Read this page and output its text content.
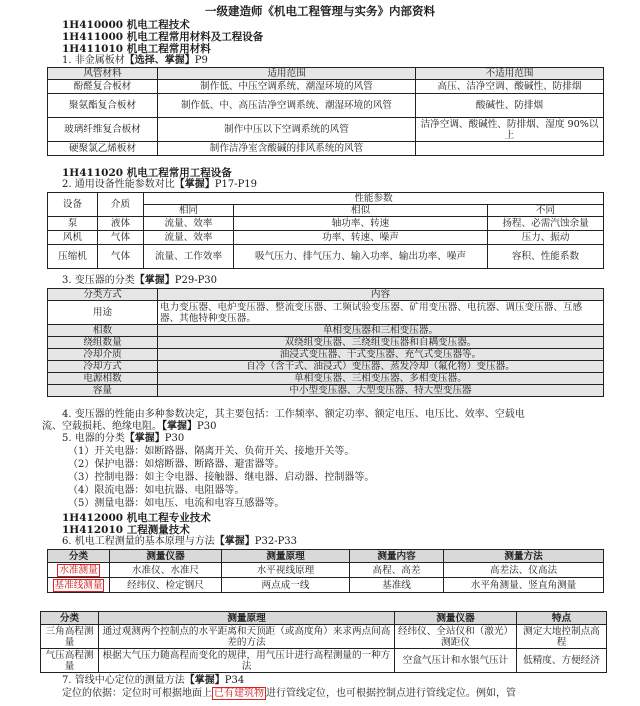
一级建造师《机电工程管理与实务》内部资料
1H410000 机电工程技术
1H411000 机电工程常用材料及工程设备
1H411010 机电工程常用材料
1. 非金属板材【选择、掌握】P9
风管材料	适用范围	不适用范围
酚醛复合板材	制作低、中压空调系统、潮湿环境的风管	高压、洁净空调、酸碱性、防排烟
聚氨酯复合板材	制作低、中、高压洁净空调系统、潮湿环境的风管	酸碱性、防排烟
玻璃纤维复合板材	制作中压以下空调系统的风管	洁净空调、酸碱性、防排烟、湿度 90%以上
硬聚氯乙烯板材	制作洁净室含酸碱的排风系统的风管	
1H411020 机电工程常用工程设备
2. 通用设备性能参数对比【掌握】P17-P19
设备	介质	性能参数		
		相同	相似	不同
泵	液体	流量、效率	轴功率、转速	扬程、必需汽蚀余量
风机	气体	流量、效率	功率、转速、噪声	压力、振动
压缩机	气体	流量、工作效率	吸气压力、排气压力、输入功率、输出功率、噪声	容积、性能系数
3. 变压器的分类【掌握】P29-P30
分类方式	内容
用途	电力变压器、电炉变压器、整流变压器、工频试验变压器、矿用变压器、电抗器、调压变压器、互感器、其他特种变压器。
相数	单相变压器和三相变压器。
绕组数量	双绕组变压器、三绕组变压器和自耦变压器。
冷却介质	油浸式变压器、干式变压器、充气式变压器等。
冷却方式	自冷（含干式、油浸式）变压器、蒸发冷却（氟化物）变压器。
电源相数	单相变压器、三相变压器、多相变压器。
容量	中小型变压器、大型变压器、特大型变压器
4. 变压器的性能由多种参数决定，其主要包括：工作频率、额定功率、额定电压、电压比、效率、空载电
流、空载损耗、绝缘电阻。【掌握】P30
5. 电器的分类【掌握】P30
（1）开关电器：如断路器、隔离开关、负荷开关、接地开关等。
（2）保护电器：如熔断器、断路器、避雷器等。
（3）控制电器：如主令电器、接触器、继电器、启动器、控制器等。
（4）限流电器：如电抗器、电阻器等。
（5）测量电器：如电压、电流和电容互感器等。
1H412000 机电工程专业技术
1H412010 工程测量技术
6. 机电工程测量的基本原理与方法【掌握】P32-P33
分类	测量仪器	测量原理	测量内容	测量方法
水准测量	水准仪、水准尺	水平视线原理	高程、高差	高差法、仪高法
基准线测量	经纬仪、检定钢尺	两点成一线	基准线	水平角测量、竖直角测量
分类	测量原理	测量仪器	特点
三角高程测量	通过观测两个控制点的水平距离和天顶距（或高度角）来求两点间高差的方法	经纬仪、全站仪和（激光）测距仪	测定大地控制点高程
气压高程测量	根据大气压力随高程而变化的规律，用气压计进行高程测量的一种方法	空盒气压计和水银气压计	低精度、方便经济
7. 管线中心定位的测量方法【掌握】P34
定位的依据：定位时可根据地面上 已有建筑物 进行管线定位，也可根据控制点进行管线定位。例如，管
